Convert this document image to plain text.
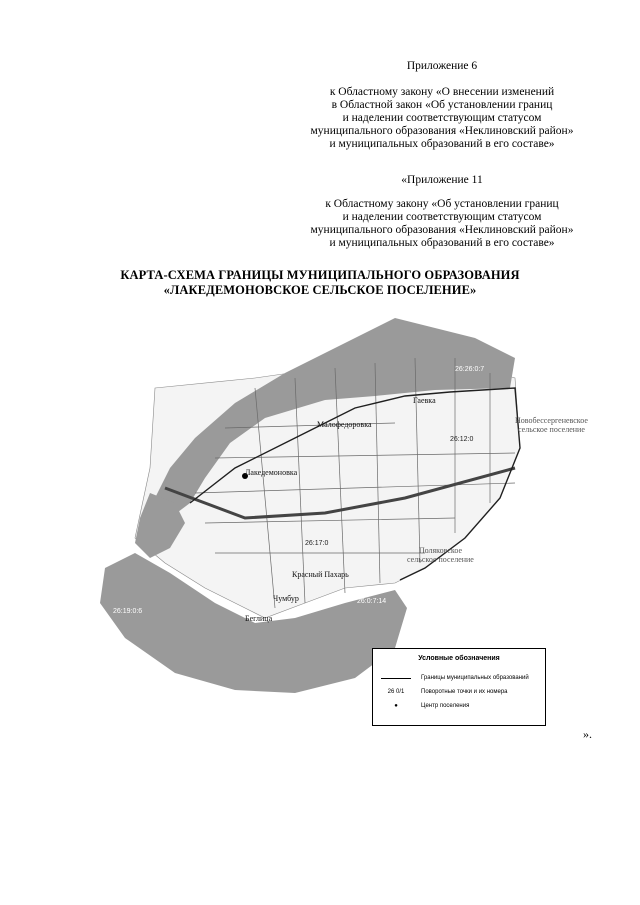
Приложение 6
к Областному закону «О внесении изменений
в Областной закон «Об установлении границ
и наделении соответствующим статусом
муниципального образования «Неклиновский район»
и муниципальных образований в его составе»
«Приложение 11
к Областному закону «Об установлении границ
и наделении соответствующим статусом
муниципального образования «Неклиновский район»
и муниципальных образований в его составе»
КАРТА-СХЕМА ГРАНИЦЫ МУНИЦИПАЛЬНОГО ОБРАЗОВАНИЯ
«ЛАКЕДЕМОНОВСКОЕ СЕЛЬСКОЕ ПОСЕЛЕНИЕ»
Гаевка
Малофедоровка
Лакедемоновка
Красный Пахарь
Чумбур
Беглица
Новобессергеневское
сельское поселение
Поляковское
сельское поселение
26:26:0:7
26:19:0:6
26:12:0
26:17:0
26:0:7:14
Условные обозначения
Границы муниципальных образований
26 0/1	Поворотные точки и их номера
●	Центр поселения
».
